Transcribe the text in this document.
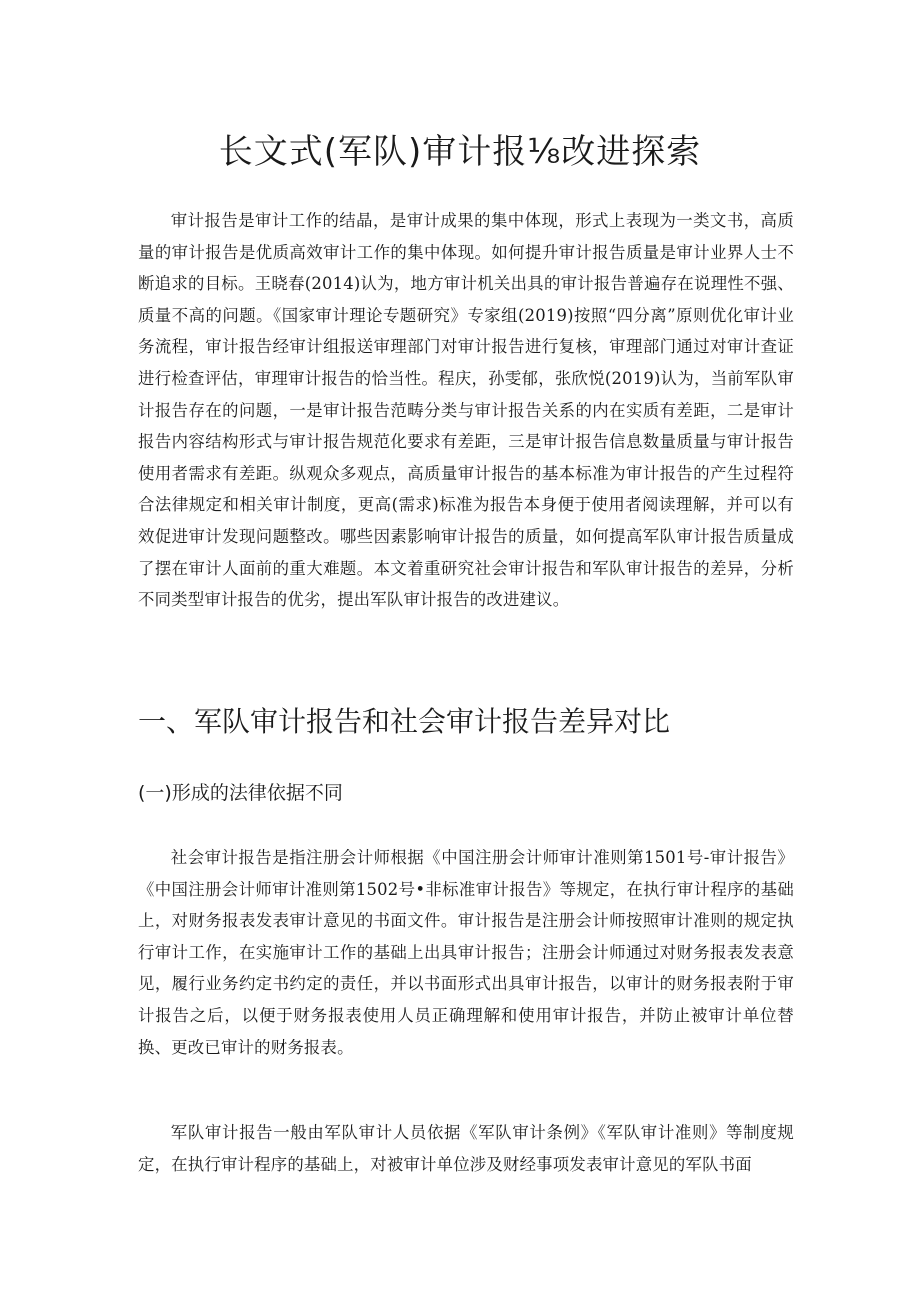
长文式(军队)审计报⅛改进探索

审计报告是审计工作的结晶，是审计成果的集中体现，形式上表现为一类文书，高质量的审计报告是优质高效审计工作的集中体现。如何提升审计报告质量是审计业界人士不断追求的目标。王晓春(2014)认为，地方审计机关出具的审计报告普遍存在说理性不强、质量不高的问题。《国家审计理论专题研究》专家组(2019)按照“四分离”原则优化审计业务流程，审计报告经审计组报送审理部门对审计报告进行复核，审理部门通过对审计查证进行检查评估，审理审计报告的恰当性。程庆，孙雯郁，张欣悦(2019)认为，当前军队审计报告存在的问题，一是审计报告范畴分类与审计报告关系的内在实质有差距，二是审计报告内容结构形式与审计报告规范化要求有差距，三是审计报告信息数量质量与审计报告使用者需求有差距。纵观众多观点，高质量审计报告的基本标准为审计报告的产生过程符合法律规定和相关审计制度，更高(需求)标准为报告本身便于使用者阅读理解，并可以有效促进审计发现问题整改。哪些因素影响审计报告的质量，如何提高军队审计报告质量成了摆在审计人面前的重大难题。本文着重研究社会审计报告和军队审计报告的差异，分析不同类型审计报告的优劣，提出军队审计报告的改进建议。

一、军队审计报告和社会审计报告差异对比
(一)形成的法律依据不同

社会审计报告是指注册会计师根据《中国注册会计师审计准则第1501号-审计报告》《中国注册会计师审计准则第1502号•非标准审计报告》等规定，在执行审计程序的基础上，对财务报表发表审计意见的书面文件。审计报告是注册会计师按照审计准则的规定执行审计工作，在实施审计工作的基础上出具审计报告；注册会计师通过对财务报表发表意见，履行业务约定书约定的责任，并以书面形式出具审计报告，以审计的财务报表附于审计报告之后，以便于财务报表使用人员正确理解和使用审计报告，并防止被审计单位替换、更改已审计的财务报表。

军队审计报告一般由军队审计人员依据《军队审计条例》《军队审计准则》等制度规定，在执行审计程序的基础上，对被审计单位涉及财经事项发表审计意见的军队书面
